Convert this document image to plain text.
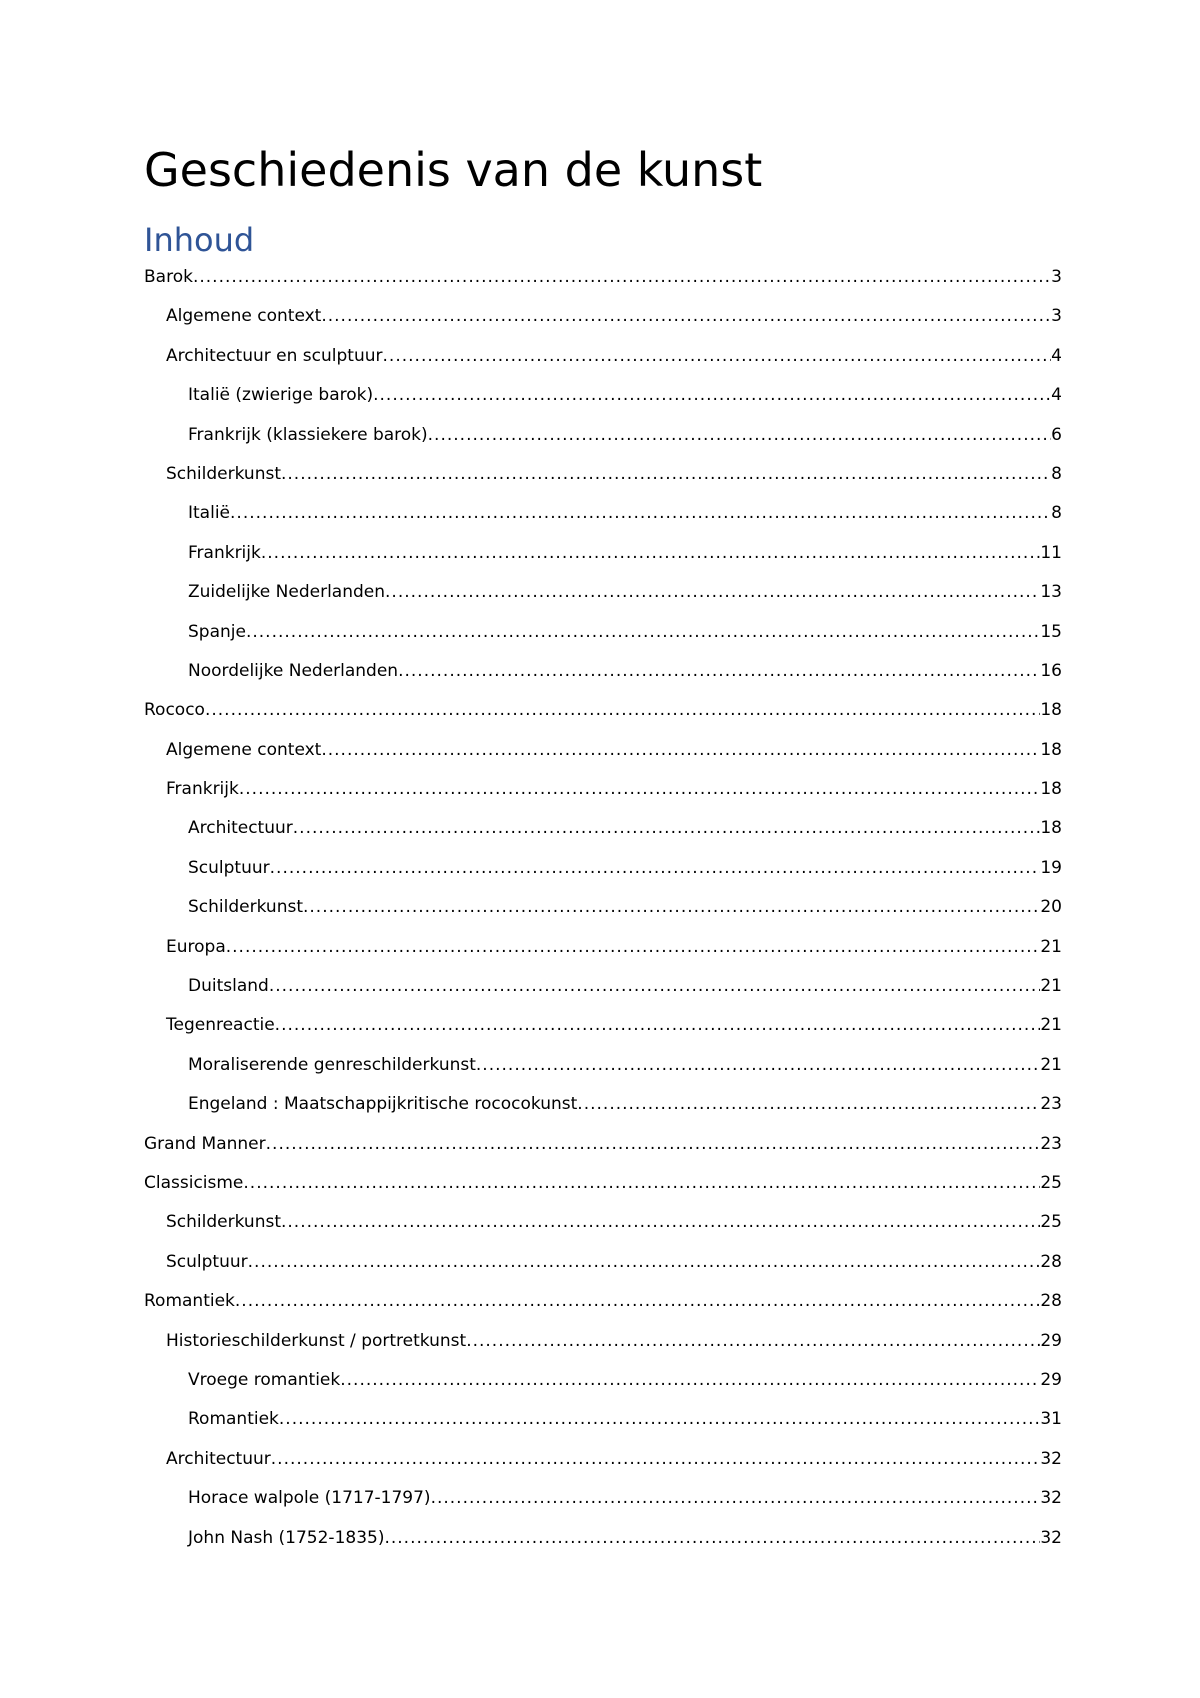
Geschiedenis van de kunst
Inhoud
Barok .....	3
Algemene context .....	3
Architectuur en sculptuur .....	4
Italië (zwierige barok) .....	4
Frankrijk (klassiekere barok) .....	6
Schilderkunst .....	8
Italië .....	8
Frankrijk .....	11
Zuidelijke Nederlanden .....	13
Spanje .....	15
Noordelijke Nederlanden .....	16
Rococo .....	18
Algemene context .....	18
Frankrijk .....	18
Architectuur .....	18
Sculptuur .....	19
Schilderkunst .....	20
Europa .....	21
Duitsland .....	21
Tegenreactie .....	21
Moraliserende genreschilderkunst .....	21
Engeland : Maatschappijkritische rococokunst .....	23
Grand Manner .....	23
Classicisme .....	25
Schilderkunst .....	25
Sculptuur .....	28
Romantiek .....	28
Historieschilderkunst / portretkunst .....	29
Vroege romantiek .....	29
Romantiek .....	31
Architectuur .....	32
Horace walpole (1717-1797) .....	32
John Nash (1752-1835) .....	32
